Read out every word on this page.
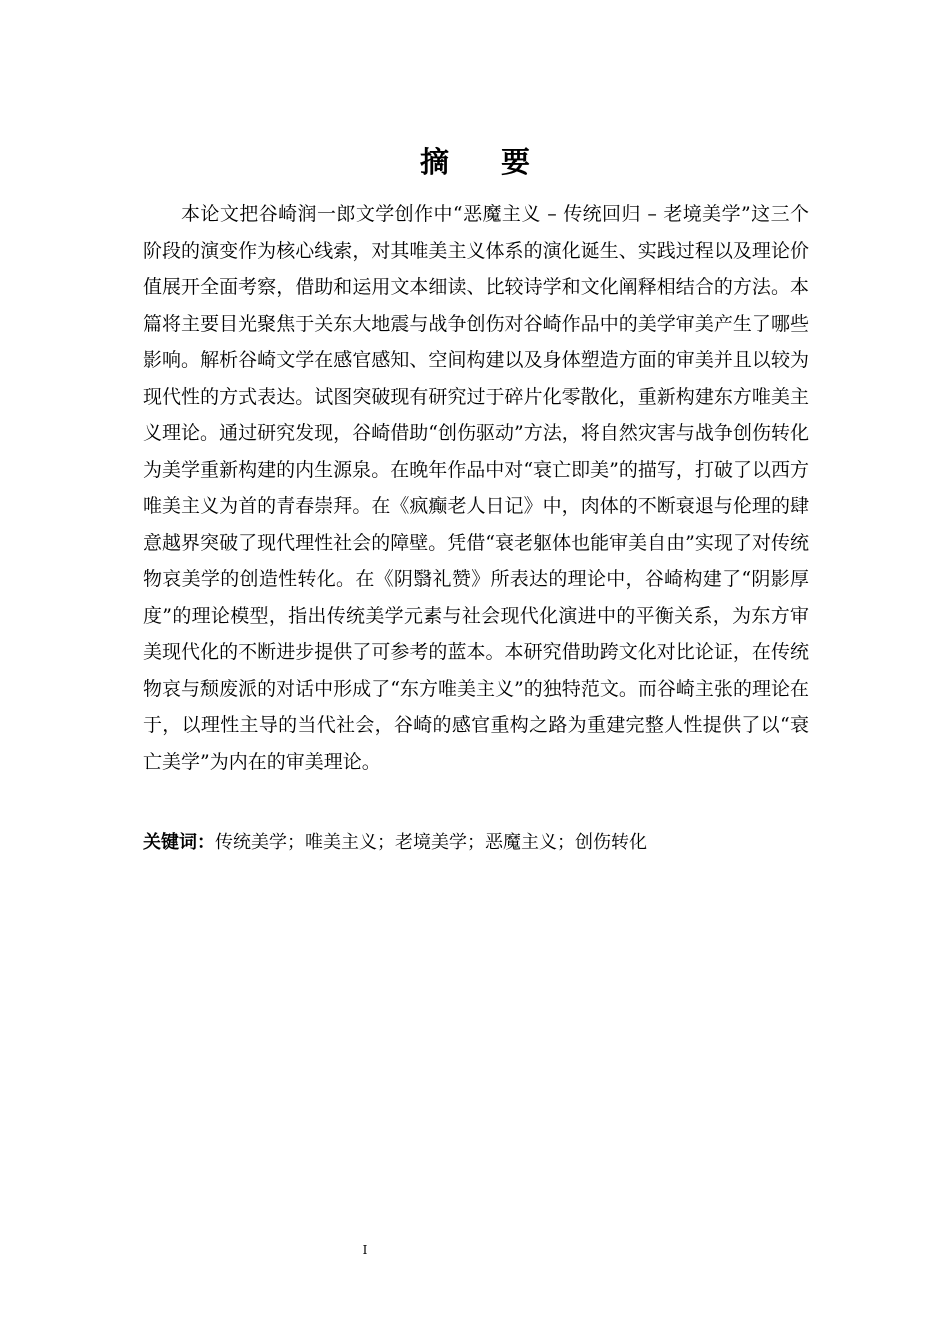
摘 要

本论文把谷崎润一郎文学创作中“恶魔主义 – 传统回归 – 老境美学”这三个阶段的演变作为核心线索，对其唯美主义体系的演化诞生、实践过程以及理论价值展开全面考察，借助和运用文本细读、比较诗学和文化阐释相结合的方法。本篇将主要目光聚焦于关东大地震与战争创伤对谷崎作品中的美学审美产生了哪些影响。解析谷崎文学在感官感知、空间构建以及身体塑造方面的审美并且以较为现代性的方式表达。试图突破现有研究过于碎片化零散化，重新构建东方唯美主义理论。通过研究发现，谷崎借助“创伤驱动”方法，将自然灾害与战争创伤转化为美学重新构建的内生源泉。在晚年作品中对“衰亡即美”的描写，打破了以西方唯美主义为首的青春崇拜。在《疯癫老人日记》中，肉体的不断衰退与伦理的肆意越界突破了现代理性社会的障壁。凭借“衰老躯体也能审美自由”实现了对传统物哀美学的创造性转化。在《阴翳礼赞》所表达的理论中，谷崎构建了“阴影厚度”的理论模型，指出传统美学元素与社会现代化演进中的平衡关系，为东方审美现代化的不断进步提供了可参考的蓝本。本研究借助跨文化对比论证，在传统物哀与颓废派的对话中形成了“东方唯美主义”的独特范文。而谷崎主张的理论在于，以理性主导的当代社会，谷崎的感官重构之路为重建完整人性提供了以“衰亡美学”为内在的审美理论。

关键词：传统美学；唯美主义；老境美学；恶魔主义；创伤转化
I
